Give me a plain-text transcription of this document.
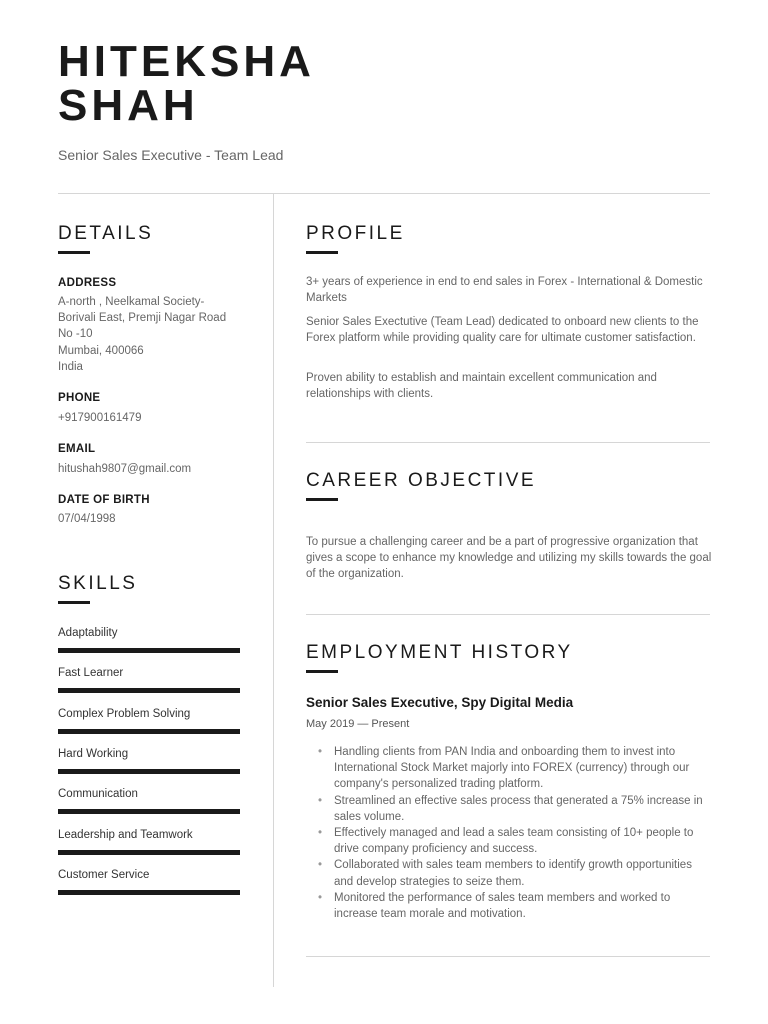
HITEKSHA
SHAH
Senior Sales Executive - Team Lead
DETAILS
ADDRESS
A-north , Neelkamal Society-
Borivali East, Premji Nagar Road
No -10
Mumbai, 400066
India
PHONE
+917900161479
EMAIL
hitushah9807@gmail.com
DATE OF BIRTH
07/04/1998
SKILLS
Adaptability
Fast Learner
Complex Problem Solving
Hard Working
Communication
Leadership and Teamwork
Customer Service
PROFILE
3+ years of experience in end to end sales in Forex - International & Domestic Markets
Senior Sales Exectutive (Team Lead) dedicated to onboard new clients to the Forex platform while providing quality care for ultimate customer satisfaction.
Proven ability to establish and maintain excellent communication and relationships with clients.
CAREER OBJECTIVE
To pursue a challenging career and be a part of progressive organization that gives a scope to enhance my knowledge and utilizing my skills towards the goal of the organization.
EMPLOYMENT HISTORY
Senior Sales Executive, Spy Digital Media
May 2019 — Present
• Handling clients from PAN India and onboarding them to invest into International Stock Market majorly into FOREX (currency) through our company's personalized trading platform.
• Streamlined an effective sales process that generated a 75% increase in sales volume.
• Effectively managed and lead a sales team consisting of 10+ people to drive company proficiency and success.
• Collaborated with sales team members to identify growth opportunities and develop strategies to seize them.
• Monitored the performance of sales team members and worked to increase team morale and motivation.
